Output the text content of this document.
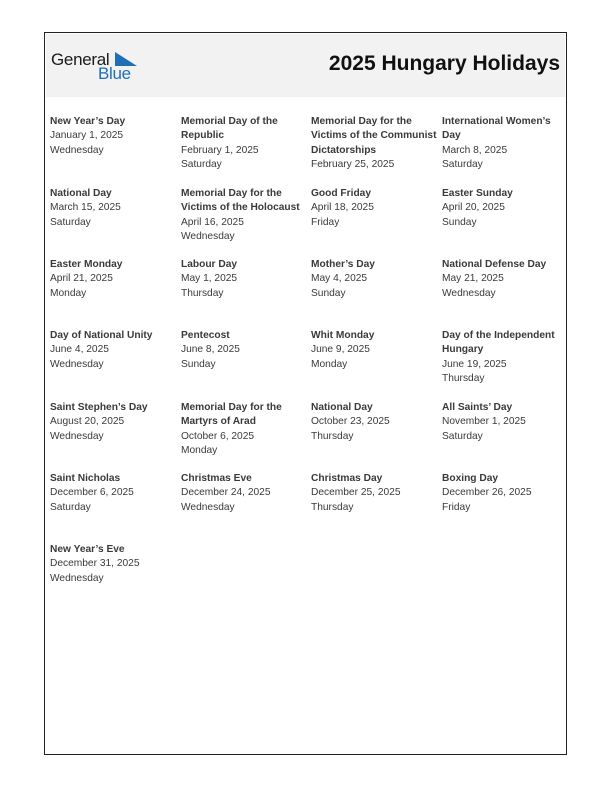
General
Blue	2025 Hungary Holidays
New Year’s Day
January 1, 2025
Wednesday
Memorial Day of the Republic
February 1, 2025
Saturday
Memorial Day for the Victims of the Communist Dictatorships
February 25, 2025
International Women’s Day
March 8, 2025
Saturday
National Day
March 15, 2025
Saturday
Memorial Day for the Victims of the Holocaust
April 16, 2025
Wednesday
Good Friday
April 18, 2025
Friday
Easter Sunday
April 20, 2025
Sunday
Easter Monday
April 21, 2025
Monday
Labour Day
May 1, 2025
Thursday
Mother’s Day
May 4, 2025
Sunday
National Defense Day
May 21, 2025
Wednesday
Day of National Unity
June 4, 2025
Wednesday
Pentecost
June 8, 2025
Sunday
Whit Monday
June 9, 2025
Monday
Day of the Independent Hungary
June 19, 2025
Thursday
Saint Stephen’s Day
August 20, 2025
Wednesday
Memorial Day for the Martyrs of Arad
October 6, 2025
Monday
National Day
October 23, 2025
Thursday
All Saints’ Day
November 1, 2025
Saturday
Saint Nicholas
December 6, 2025
Saturday
Christmas Eve
December 24, 2025
Wednesday
Christmas Day
December 25, 2025
Thursday
Boxing Day
December 26, 2025
Friday
New Year’s Eve
December 31, 2025
Wednesday
